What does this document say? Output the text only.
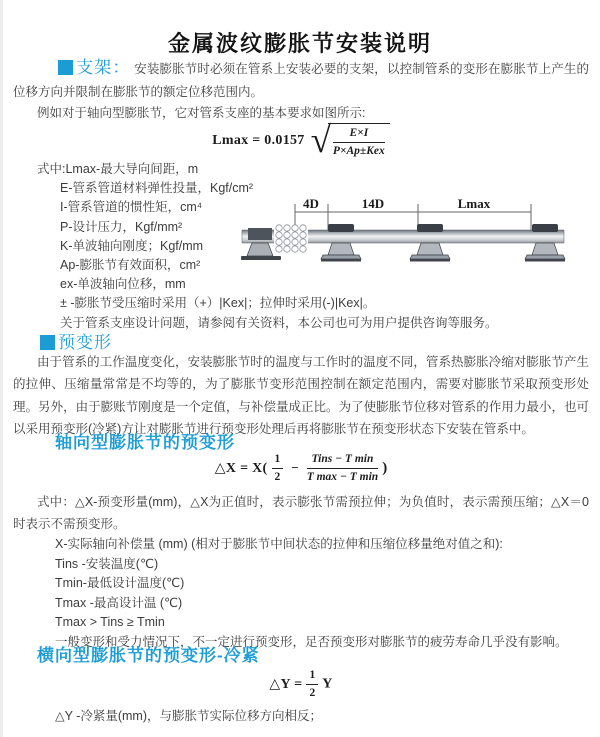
金属波纹膨胀节安装说明
支架： 安装膨胀节时必须在管系上安装必要的支架，以控制管系的变形在膨胀节上产生的位移方向并限制在膨胀节的额定位移范围内。
例如对于轴向型膨胀节，它对管系支座的基本要求如图所示:
Lmax = 0.0157 √ $\frac{E\times I}{\text{P×Ap±Kex}}$
式中:Lmax-最大导向间距，m
E-管系管道材料弹性投量，Kgf/cm²
I-管系管道的惯性矩，cm⁴
P-设计压力，Kgf/mm²
K-单波轴向刚度；Kgf/mm
Ap-膨胀节有效面积，cm²
ex-单波轴向位移，mm
± -膨胀节受压缩时采用（+）|Kex|；拉伸时采用(-)|Kex|。
关于管系支座设计问题，请参阅有关资料，本公司也可为用户提供咨询等服务。
4D	14D	Lmax
预变形
由于管系的工作温度变化，安装膨胀节时的温度与工作时的温度不同，管系热膨胀冷缩对膨胀节产生的拉伸、压缩量常常是不均等的，为了膨胀节变形范围控制在额定范围内，需要对膨胀节采取预变形处理。另外，由于膨账节刚度是一个定值，与补偿量成正比。为了使膨胀节位移对管系的作用力最小，也可以采用预变形(冷紧)方让对膨胀节进行预变形处理后再将膨胀节在预变形状态下安装在管系中。
轴向型膨胀节的预变形
△X = $X( \frac{1}{2} - \frac{\text{Tins − T min}}{\text{T max − T min}}$ )
式中：△X-预变形量(mm)，△X为正值时，表示膨张节需预拉伸；为负值时，表示需预压缩；△X＝0时表示不需预变形。
X-实际轴向补偿量 (mm) (相对于膨胀节中间状态的拉伸和压缩位移量绝对值之和):
Tins -安装温度(℃)
Tmin-最低设计温度(℃)
Tmax -最高设计温 (℃)
Tmax > Tins ≥ Tmin
一般变形和受力情况下，不一定进行预变形，足否预变形对膨胀节的疲劳寿命几乎没有影响。
横向型膨胀节的预变形-冷紧
△Y = $\frac{1}{2}$ Y
△Y -冷紧量(mm)，与膨胀节实际位移方向相反；
